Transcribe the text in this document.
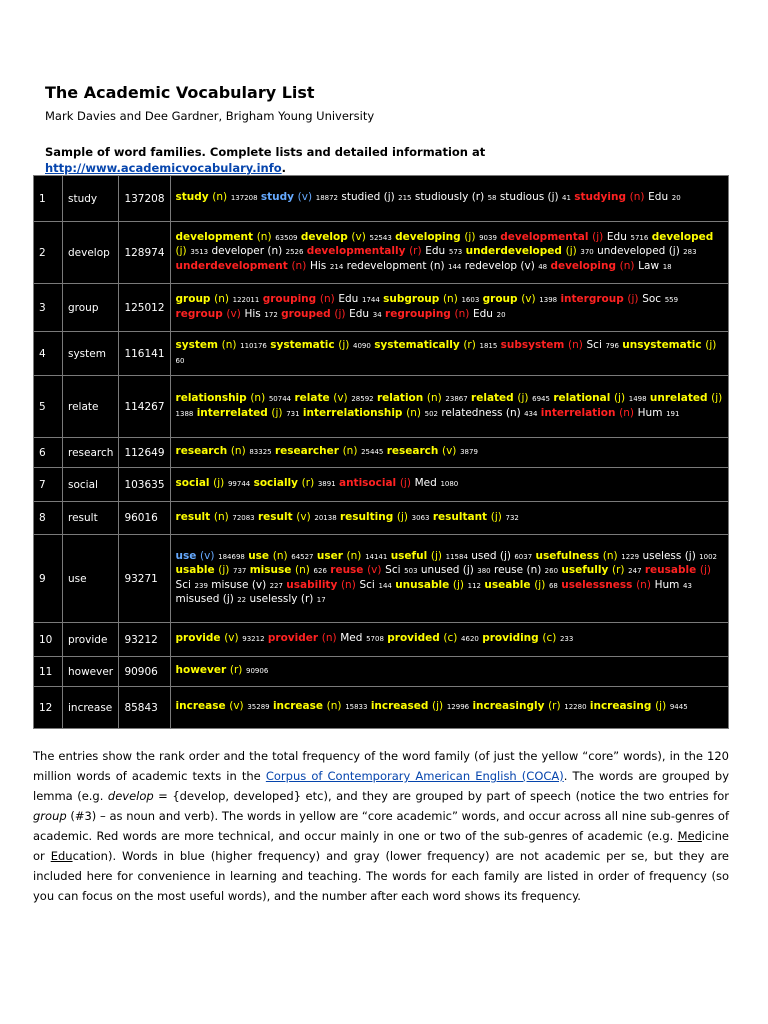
The Academic Vocabulary List
Mark Davies and Dee Gardner, Brigham Young University
Sample of word families. Complete lists and detailed information at http://www.academicvocabulary.info.
1	study	137208	study (n) 137208 study (v) 18872 studied (j) 215 studiously (r) 58 studious (j) 41 studying (n) Edu 20
2	develop	128974	development (n) 63509 develop (v) 52543 developing (j) 9039 developmental (j) Edu 5716 developed (j) 3513 developer (n) 2526 developmentally (r) Edu 573 underdeveloped (j) 370 undeveloped (j) 283 underdevelopment (n) His 214 redevelopment (n) 144 redevelop (v) 48 developing (n) Law 18
3	group	125012	group (n) 122011 grouping (n) Edu 1744 subgroup (n) 1603 group (v) 1398 intergroup (j) Soc 559 regroup (v) His 172 grouped (j) Edu 34 regrouping (n) Edu 20
4	system	116141	system (n) 110176 systematic (j) 4090 systematically (r) 1815 subsystem (n) Sci 796 unsystematic (j) 60
5	relate	114267	relationship (n) 50744 relate (v) 28592 relation (n) 23867 related (j) 6945 relational (j) 1498 unrelated (j) 1388 interrelated (j) 731 interrelationship (n) 502 relatedness (n) 434 interrelation (n) Hum 191
6	research	112649	research (n) 83325 researcher (n) 25445 research (v) 3879
7	social	103635	social (j) 99744 socially (r) 3891 antisocial (j) Med 1080
8	result	96016	result (n) 72083 result (v) 20138 resulting (j) 3063 resultant (j) 732
9	use	93271	use (v) 184698 use (n) 64527 user (n) 14141 useful (j) 11584 used (j) 6037 usefulness (n) 1229 useless (j) 1002 usable (j) 737 misuse (n) 626 reuse (v) Sci 503 unused (j) 380 reuse (n) 260 usefully (r) 247 reusable (j) Sci 239 misuse (v) 227 usability (n) Sci 144 unusable (j) 112 useable (j) 68 uselessness (n) Hum 43 misused (j) 22 uselessly (r) 17
10	provide	93212	provide (v) 93212 provider (n) Med 5708 provided (c) 4620 providing (c) 233
11	however	90906	however (r) 90906
12	increase	85843	increase (v) 35289 increase (n) 15833 increased (j) 12996 increasingly (r) 12280 increasing (j) 9445
The entries show the rank order and the total frequency of the word family (of just the yellow “core” words), in the 120 million words of academic texts in the Corpus of Contemporary American English (COCA). The words are grouped by lemma (e.g. develop = {develop, developed} etc), and they are grouped by part of speech (notice the two entries for group (#3) – as noun and verb). The words in yellow are “core academic” words, and occur across all nine sub-genres of academic. Red words are more technical, and occur mainly in one or two of the sub-genres of academic (e.g. Medicine or Education). Words in blue (higher frequency) and gray (lower frequency) are not academic per se, but they are included here for convenience in learning and teaching. The words for each family are listed in order of frequency (so you can focus on the most useful words), and the number after each word shows its frequency.
